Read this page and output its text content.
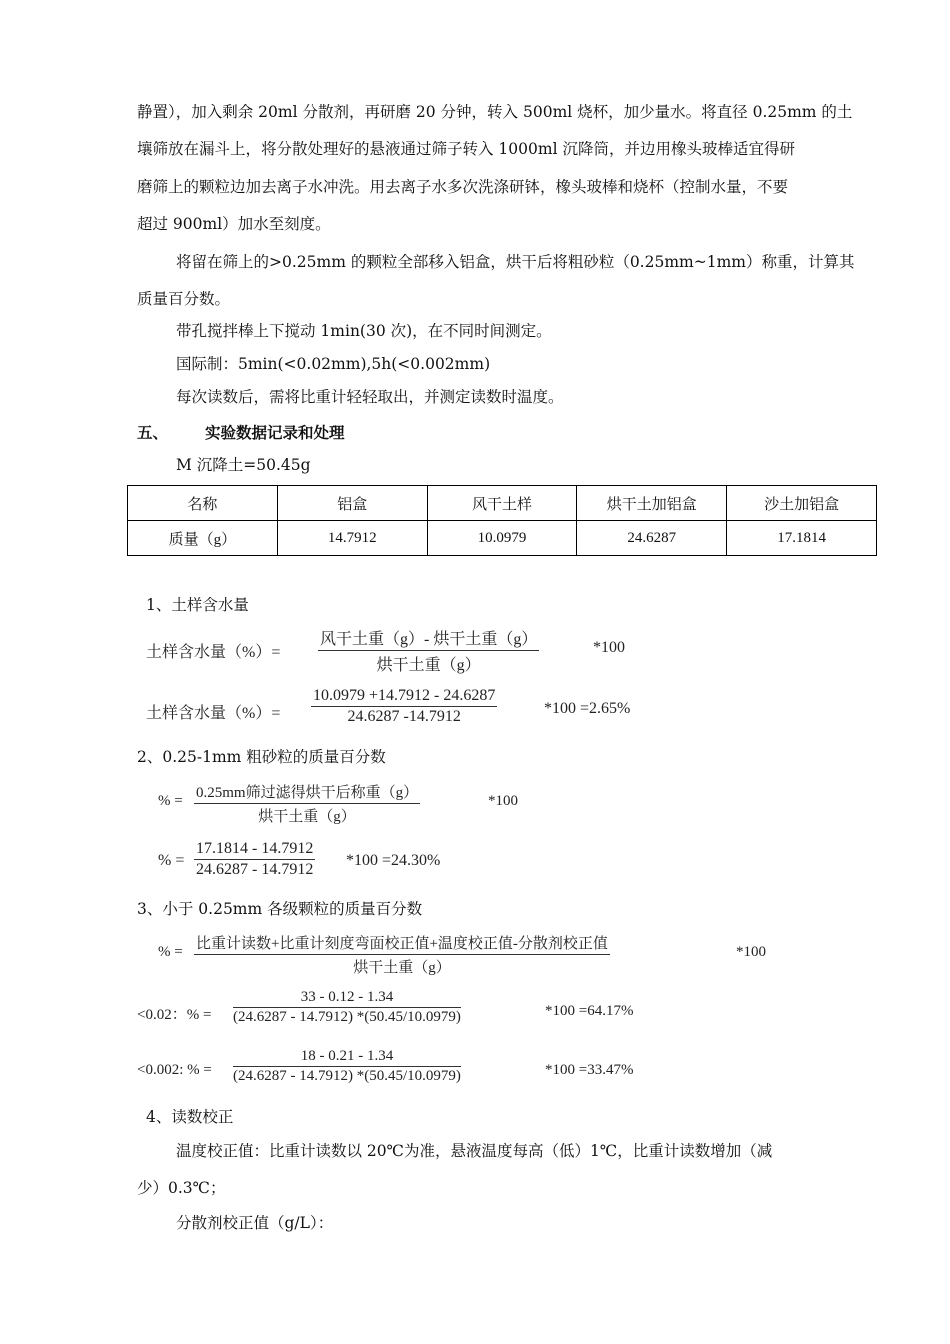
静置），加入剩余 20ml 分散剂，再研磨 20 分钟，转入 500ml 烧杯，加少量水。将直径 0.25mm 的土
壤筛放在漏斗上，将分散处理好的悬液通过筛子转入 1000ml 沉降筒，并边用橡头玻棒适宜得研
磨筛上的颗粒边加去离子水冲洗。用去离子水多次洗涤研钵，橡头玻棒和烧杯（控制水量，不要
超过 900ml）加水至刻度。
将留在筛上的>0.25mm 的颗粒全部移入铝盒，烘干后将粗砂粒（0.25mm~1mm）称重，计算其
质量百分数。
带孔搅拌棒上下搅动 1min(30 次)，在不同时间测定。
国际制：5min(<0.02mm),5h(<0.002mm)
每次读数后，需将比重计轻轻取出，并测定读数时温度。
五、 实验数据记录和处理
M 沉降土=50.45g
名称	铝盒	风干土样	烘干土加铝盒	沙土加铝盒
质量（g）	14.7912	10.0979	24.6287	17.1814
1、土样含水量
土样含水量（%）=
风干土重（g）- 烘干土重（g）
烘干土重（g）
*100
土样含水量（%）= $\frac{10.0979 +14.7912 - 24.6287}{24.6287 -14.7912}$	*100 =2.65%
2、0.25-1mm 粗砂粒的质量百分数
% = 0.25mm筛过滤得烘干后称重（g）
烘干土重（g）
*100
% = $\frac{17.1814 - 14.7912}{24.6287 - 14.7912} *100 =24.30\%$
3、小于 0.25mm 各级颗粒的质量百分数
% = 比重计读数+比重计刻度弯面校正值+温度校正值-分散剂校正值
烘干土重（g）
*100
<0.02：% = $\frac{33 - 0.12 - 1.34}{(24.6287 - 14.7912) *(50.45/10.0979)}$	*100 =64.17%
<0.002: % = $\frac{18 - 0.21 - 1.34}{(24.6287 - 14.7912) *(50.45/10.0979)}$	*100 =33.47%
4、读数校正
温度校正值：比重计读数以 20℃为准，悬液温度每高（低）1℃，比重计读数增加（减
少）0.3℃；
分散剂校正值（g/L）：
